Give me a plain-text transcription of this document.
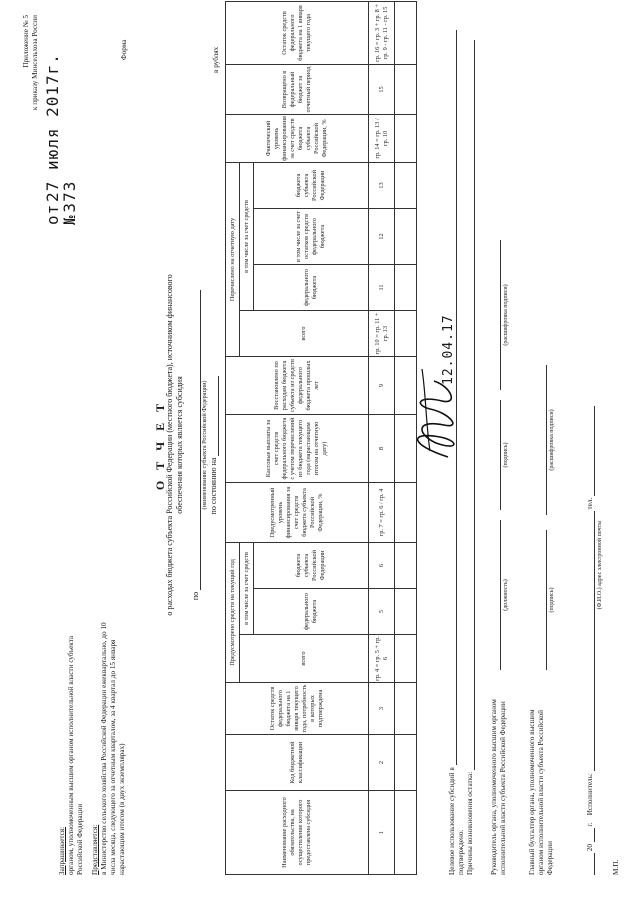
Запрашивается:
органом, уполномоченным высшим органом исполнительной власти субъекта Российской Федерации Представляется:
в Министерство сельского хозяйства Российской Федерации ежеквартально, до 10 числа месяца, следующего за отчетным кварталом, за 4 квартал до 15 января нарастающим итогом (в двух экземплярах)

Приложение № 5 к приказу Минсельхоза России

от 27 июля 2017г.

№ 373

Форма

О Т Ч Е Т

о расходах бюджета субъекта Российской Федерации (местного бюджета), источником финансового обеспечения которых является субсидия

по

(наименование субъекта Российской Федерации) по состоянию на

в рублях
Наименование расходного обязательства, на осуществление которого предоставлена субсидия	Код бюджетной классификации	Остаток средств федерального бюджета на 1 января текущего года, потребность в которых подтверждена	Предусмотрено средств на текущий год			Предусмотренный уровень финансирования за счет средств бюджета субъекта Российской Федерации, %	Кассовые выплаты за счет средств федерального бюджета с учетом перечислений из бюджета текущего года (нарастающим итогом на отчетную дату)	Восстановлено по расходам бюджета субъекта из средств федерального бюджета прошлых лет	Перечислено на отчетную дату				Фактический уровень финансирования за счет средств бюджета субъекта Российской Федерации, %	Возвращено в федеральный бюджет за отчетный период	Остаток средств федерального бюджета на 1 января текущего года
			всего	в том числе за счет средств					всего	в том числе за счет средств					
				федерального бюджета	бюджета субъекта Российской Федерации					федерального бюджета	в том числе за счет остатков средств федерального бюджета	бюджета субъекта Российской Федерации			
1	2	3	гр. 4 = гр. 5 + гр. 6	5	6	гр. 7 = гр. 6 / гр. 4	8	9	гр. 10 = гр. 11 + гр. 13	11	12	13	гр. 14 = гр. 13 / гр. 10	15	гр. 16 = гр. 3 + гр. 8 + гр. 9 - гр. 11 - гр. 15

Целевое использование субсидий в  подтверждено. Причины возникновения остатка: Руководитель органа, уполномоченного высшим органом исполнительной власти субъекта Российской Федерации
(должность)
(подпись)
(расшифровка подписи)
Главный бухгалтер органа, уполномоченного высшим органом исполнительной власти субъекта Российской Федерации
(подпись)
(расшифровка подписи)
20  г.    Исполнитель:  тел.
(Ф.И.О.) адрес электронной почты
М.П.
12.04.17
